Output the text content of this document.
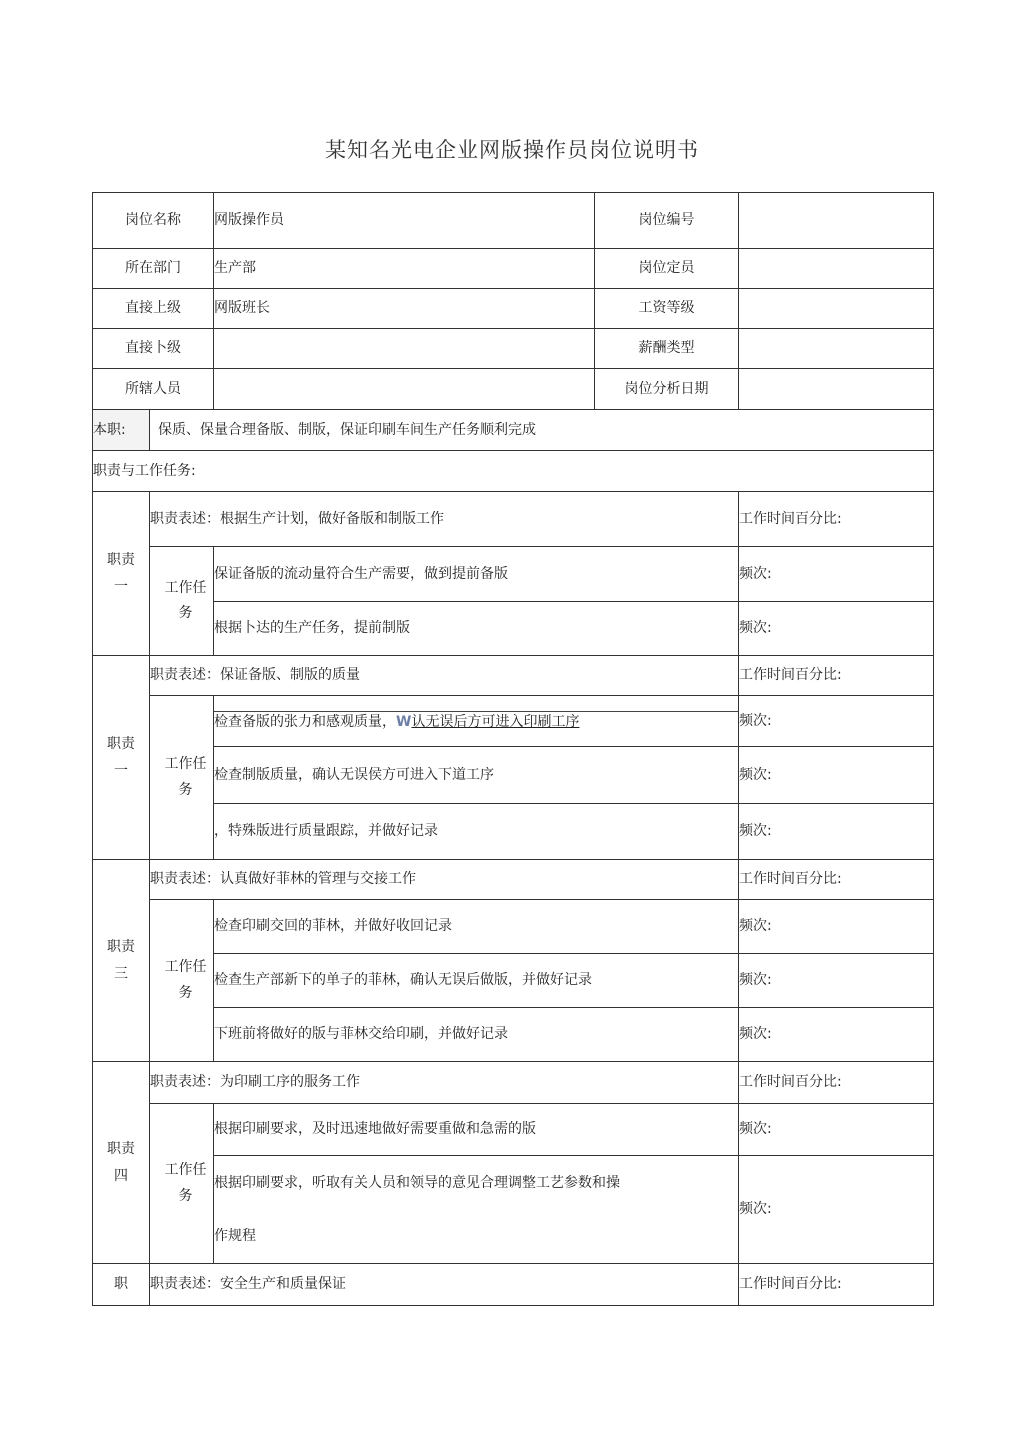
某知名光电企业网版操作员岗位说明书
岗位名称		网版操作员	岗位编号	
所在部门		生产部	岗位定员	
直接上级		网版班长	工资等级	
直接卜级			薪酬类型	
所辖人员			岗位分析日期	
本职:	保质、保量合理备版、制版，保证印刷车间生产任务顺利完成			
职责与工作任务:				

职责
一	职责表述：根据生产计划，做好备版和制版工作			工作时间百分比:
	工作任务	保证备版的流动量符合生产需要，做到提前备版		频次:
		根据卜达的生产任务，提前制版		频次:

职责
一	职责表述：保证备版、制版的质量			工作时间百分比:
	工作任务	检查备版的张力和感观质量，W认无误后方可进入印刷工序		频次:
		检查制版质量，确认无误侯方可进入下道工序		频次:
		，特殊版进行质量跟踪，并做好记录		频次:

职责
三	职责表述：认真做好菲林的管理与交接工作			工作时间百分比:
	工作任务	检查印刷交回的菲林，并做好收回记录		频次:
		检查生产部新下的单子的菲林，确认无误后做版，并做好记录		频次:
		下班前将做好的版与菲林交给印刷，并做好记录		频次:

职责
四	职责表述：为印刷工序的服务工作			工作时间百分比:
	工作任务	根据印刷要求，及时迅速地做好需要重做和急需的版		频次:

		根据印刷要求，听取有关人员和领导的意见合理调整工艺参数和操
作规程		频次:
职	职责表述：安全生产和质量保证			工作时间百分比:
